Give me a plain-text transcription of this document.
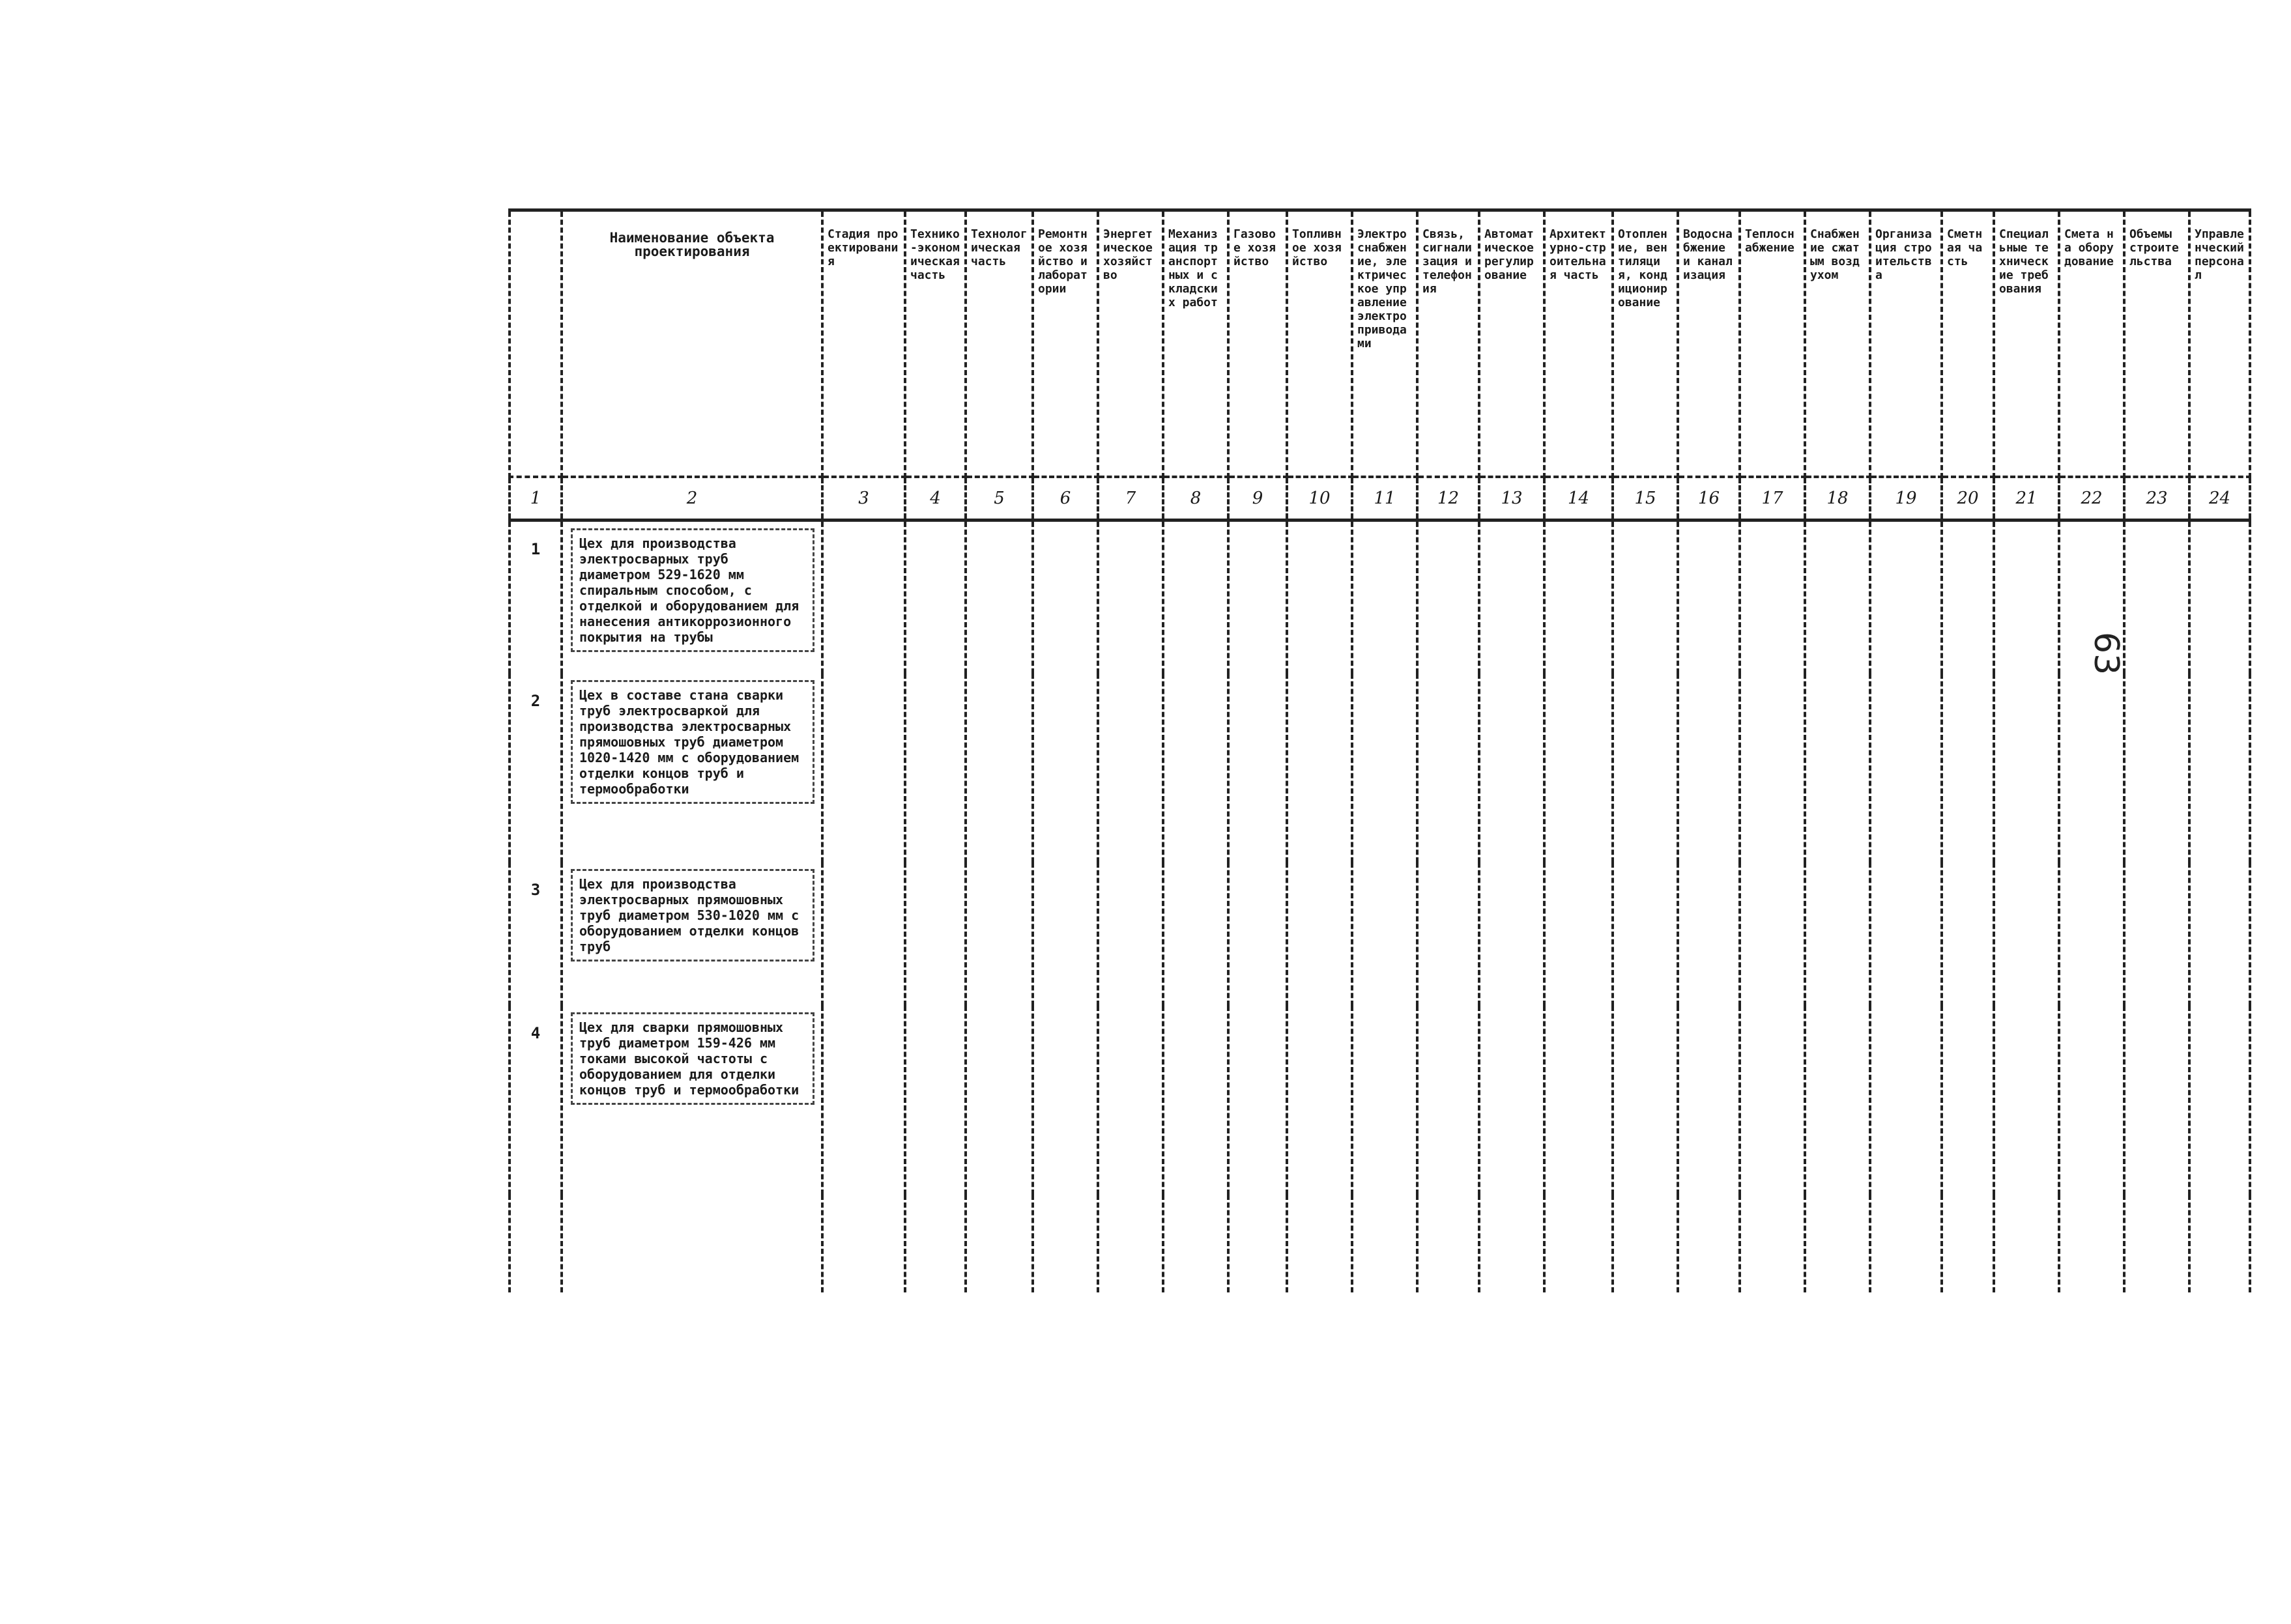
	Наименование объекта проектирования	Стадия проектирования	Технико-экономическая часть	Технологическая часть	Ремонтное хозяйство и лаборатории	Энергетическое хозяйство	Механизация транспортных и складских работ	Газовое хозяйство	Топливное хозяйство	Электроснабжение, электрическое управление электроприводами	Связь, сигнализация и телефония	Автоматическое регулирование	Архитектурно-строительная часть	Отопление, вентиляция, кондиционирование	Водоснабжение и канализация	Теплоснабжение	Снабжение сжатым воздухом	Организация строительства	Сметная часть	Специальные технические требования	Смета на оборудование	Объемы строительства	Управленческий персонал
1	2	3	4	5	6	7	8	9	10	11	12	13	14	15	16	17	18	19	20	21	22	23	24
1	Цех для производства электросварных труб диаметром 529-1620 мм спиральным способом, с отделкой и оборудованием для нанесения антикоррозионного покрытия на трубы																						

2	Цех в составе стана сварки труб электросваркой для производства электросварных прямошовных труб диаметром 1020-1420 мм с оборудованием отделки концов труб и термообработки																						

3	Цех для производства электросварных прямошовных труб диаметром 530-1020 мм с оборудованием отделки концов труб																						

4	Цех для сварки прямошовных труб диаметром 159-426 мм токами высокой частоты с оборудованием для отделки концов труб и термообработки																						

63
